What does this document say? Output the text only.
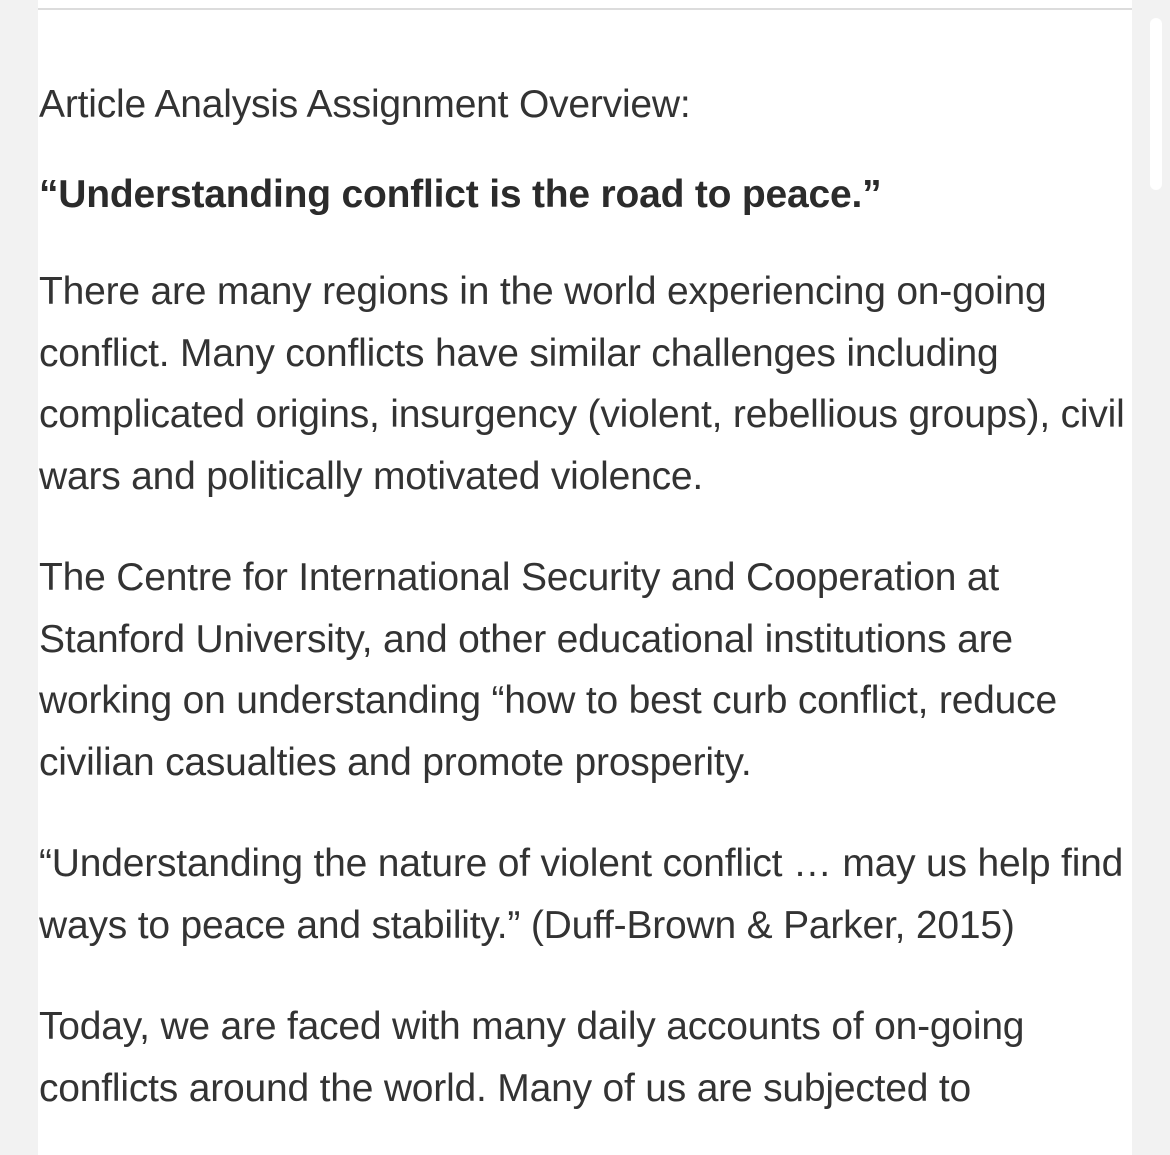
Article Analysis Assignment Overview:

“Understanding conflict is the road to peace.”

There are many regions in the world experiencing on-going conflict. Many conflicts have similar challenges including complicated origins, insurgency (violent, rebellious groups), civil wars and politically motivated violence.

The Centre for International Security and Cooperation at Stanford University, and other educational institutions are working on understanding “how to best curb conflict, reduce civilian casualties and promote prosperity.

“Understanding the nature of violent conflict … may us help find ways to peace and stability.” (Duff-Brown & Parker, 2015)

Today, we are faced with many daily accounts of on-going conflicts around the world. Many of us are subjected to
